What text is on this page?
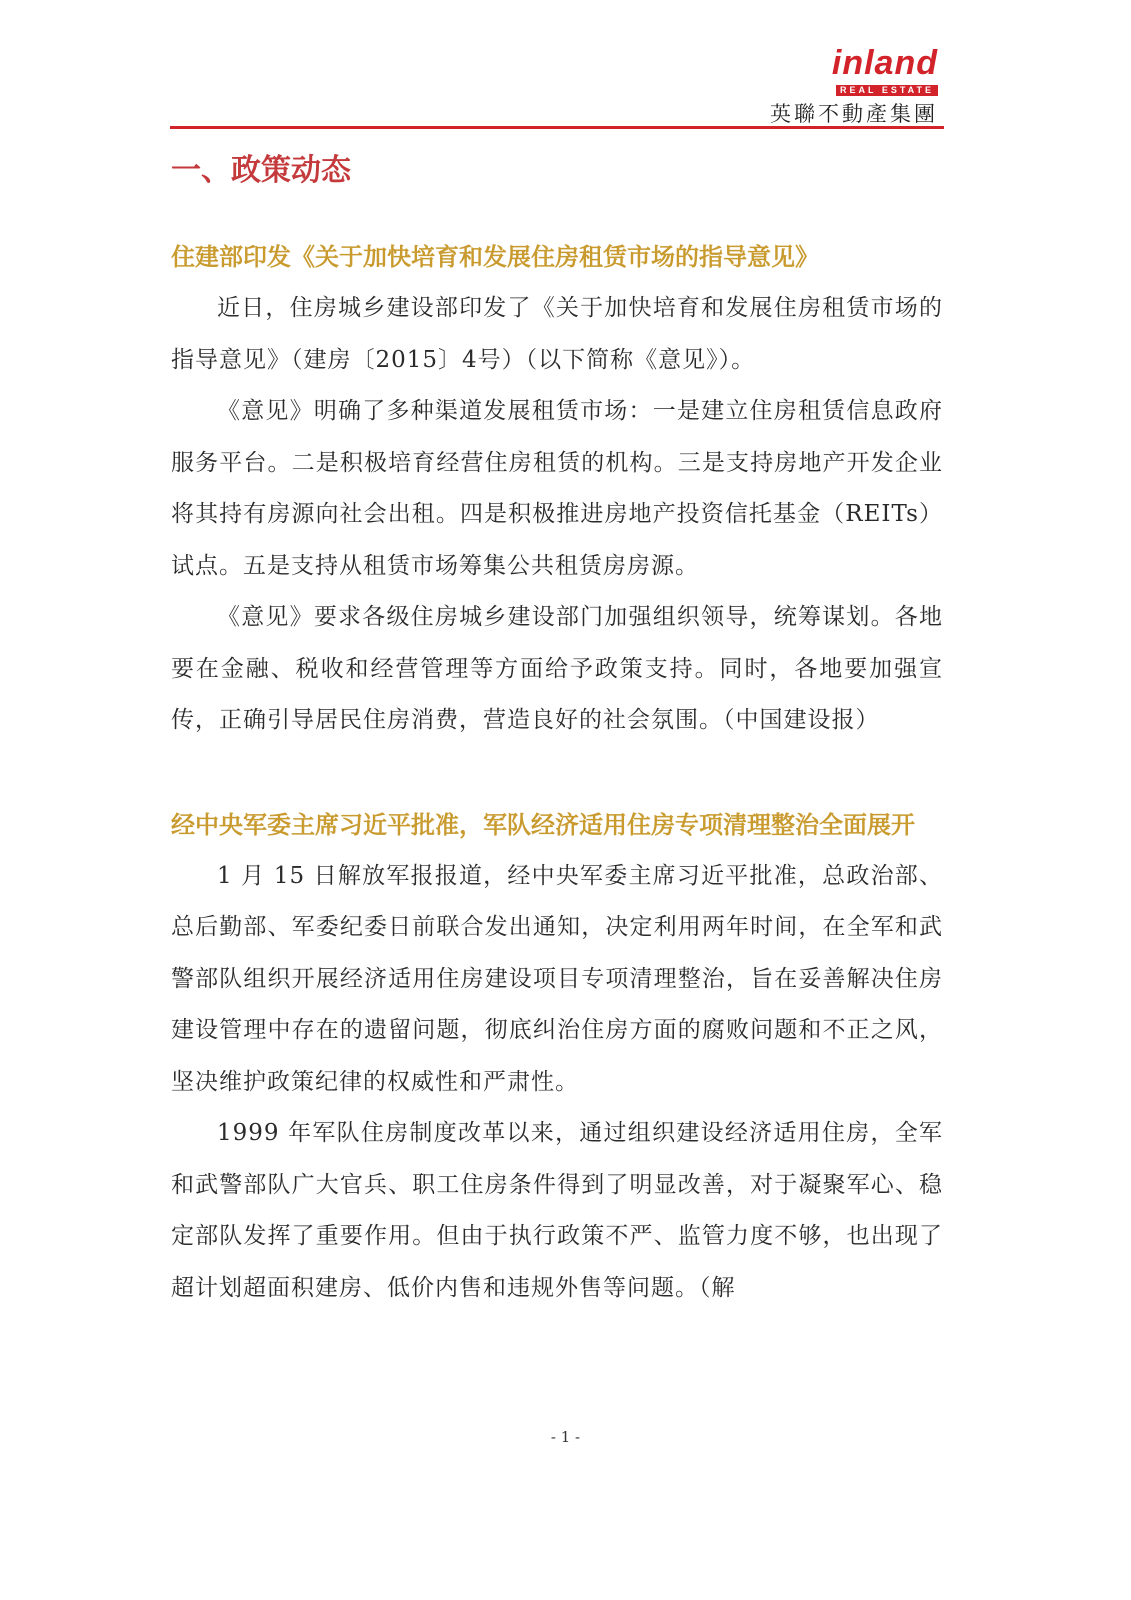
inland
REAL ESTATE
英聯不動產集團
一、政策动态
住建部印发《关于加快培育和发展住房租赁市场的指导意见》

近日，住房城乡建设部印发了《关于加快培育和发展住房租赁市场的指导意见》（建房〔2015〕4号）（以下简称《意见》）。

《意见》明确了多种渠道发展租赁市场：一是建立住房租赁信息政府服务平台。二是积极培育经营住房租赁的机构。三是支持房地产开发企业将其持有房源向社会出租。四是积极推进房地产投资信托基金（REITs）试点。五是支持从租赁市场筹集公共租赁房房源。

《意见》要求各级住房城乡建设部门加强组织领导，统筹谋划。各地要在金融、税收和经营管理等方面给予政策支持。同时，各地要加强宣传，正确引导居民住房消费，营造良好的社会氛围。（中国建设报）

经中央军委主席习近平批准，军队经济适用住房专项清理整治全面展开

1 月 15 日解放军报报道，经中央军委主席习近平批准，总政治部、总后勤部、军委纪委日前联合发出通知，决定利用两年时间，在全军和武警部队组织开展经济适用住房建设项目专项清理整治，旨在妥善解决住房建设管理中存在的遗留问题，彻底纠治住房方面的腐败问题和不正之风，坚决维护政策纪律的权威性和严肃性。

1999 年军队住房制度改革以来，通过组织建设经济适用住房，全军和武警部队广大官兵、职工住房条件得到了明显改善，对于凝聚军心、稳定部队发挥了重要作用。但由于执行政策不严、监管力度不够，也出现了超计划超面积建房、低价内售和违规外售等问题。（解

- 1 -
